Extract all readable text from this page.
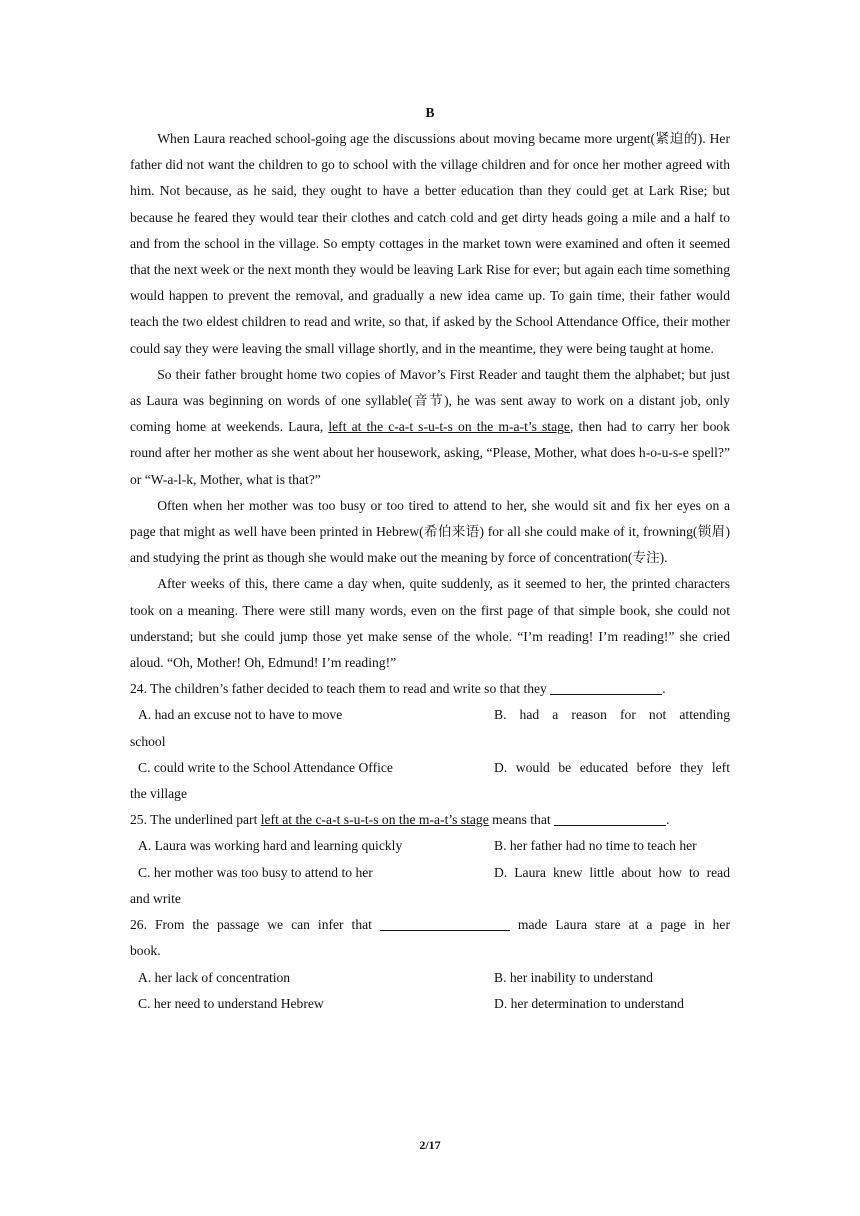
B

When Laura reached school-going age the discussions about moving became more urgent(紧迫的). Her father did not want the children to go to school with the village children and for once her mother agreed with him. Not because, as he said, they ought to have a better education than they could get at Lark Rise; but because he feared they would tear their clothes and catch cold and get dirty heads going a mile and a half to and from the school in the village. So empty cottages in the market town were examined and often it seemed that the next week or the next month they would be leaving Lark Rise for ever; but again each time something would happen to prevent the removal, and gradually a new idea came up. To gain time, their father would teach the two eldest children to read and write, so that, if asked by the School Attendance Office, their mother could say they were leaving the small village shortly, and in the meantime, they were being taught at home.

So their father brought home two copies of Mavor’s First Reader and taught them the alphabet; but just as Laura was beginning on words of one syllable(音节), he was sent away to work on a distant job, only coming home at weekends. Laura, left at the c-a-t s-u-t-s on the m-a-t’s stage, then had to carry her book round after her mother as she went about her housework, asking, “Please, Mother, what does h-o-u-s-e spell?” or “W-a-l-k, Mother, what is that?”

Often when her mother was too busy or too tired to attend to her, she would sit and fix her eyes on a page that might as well have been printed in Hebrew(希伯来语) for all she could make of it, frowning(锁眉) and studying the print as though she would make out the meaning by force of concentration(专注).

After weeks of this, there came a day when, quite suddenly, as it seemed to her, the printed characters took on a meaning. There were still many words, even on the first page of that simple book, she could not understand; but she could jump those yet make sense of the whole. “I’m reading! I’m reading!” she cried aloud. “Oh, Mother! Oh, Edmund! I’m reading!”

24. The children’s father decided to teach them to read and write so that they	.

A. had an excuse not to have to move	B. had a reason for not attending

school

C. could write to the School Attendance Office	D. would be educated before they left

the village

25. The underlined part left at the c-a-t s-u-t-s on the m-a-t’s stage means that	.

A. Laura was working hard and learning quickly	B. her father had no time to teach her
C. her mother was too busy to attend to her	D. Laura knew little about how to read

and write

26. From the passage we can infer that	made Laura stare at a page in her

book.

A. her lack of concentration	B. her inability to understand
C. her need to understand Hebrew	D. her determination to understand
2/17
